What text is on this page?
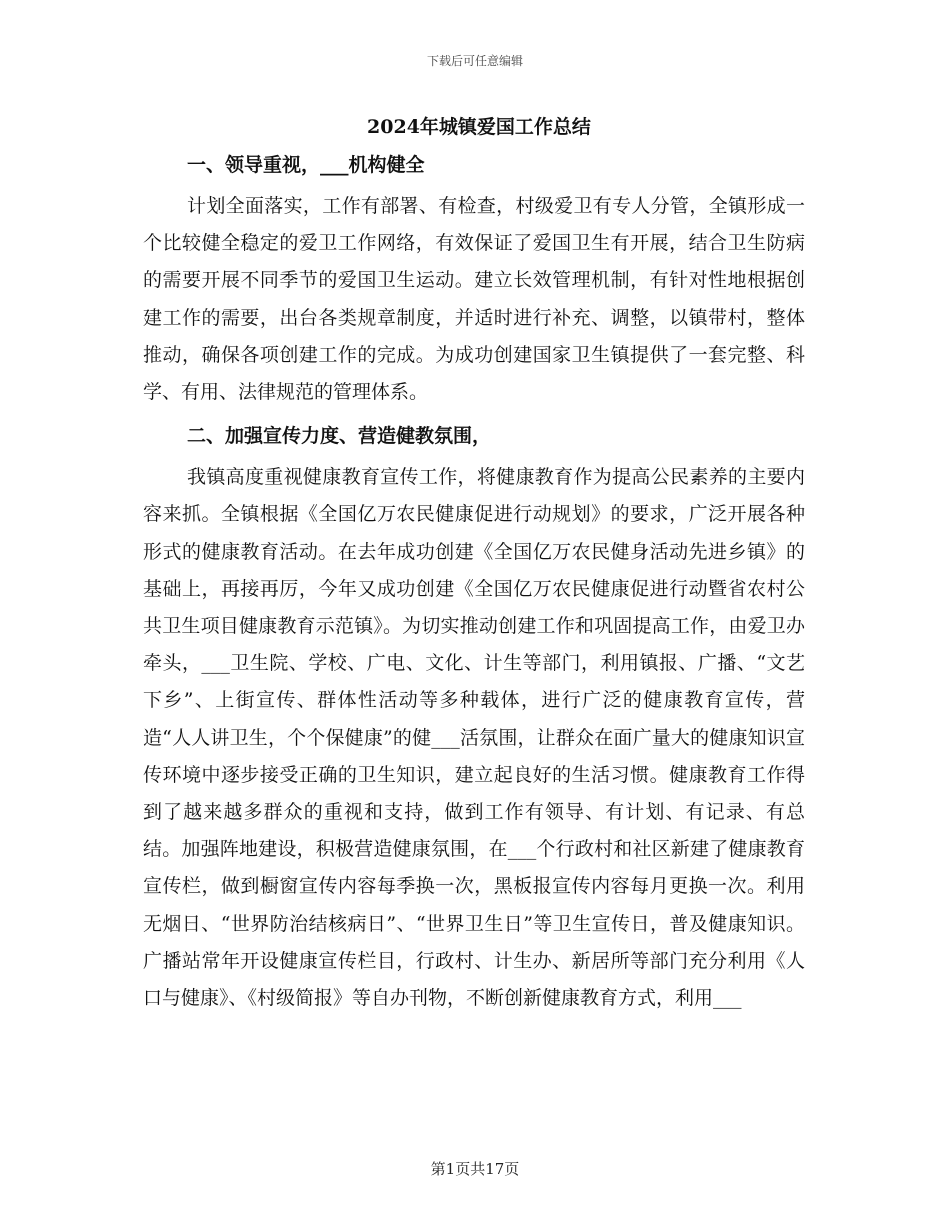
下载后可任意编辑
2024年城镇爱国工作总结
一、领导重视，___机构健全

计划全面落实，工作有部署、有检查，村级爱卫有专人分管，全镇形成一个比较健全稳定的爱卫工作网络，有效保证了爱国卫生有开展，结合卫生防病的需要开展不同季节的爱国卫生运动。建立长效管理机制，有针对性地根据创建工作的需要，出台各类规章制度，并适时进行补充、调整，以镇带村，整体推动，确保各项创建工作的完成。为成功创建国家卫生镇提供了一套完整、科学、有用、法律规范的管理体系。

二、加强宣传力度、营造健教氛围，

我镇高度重视健康教育宣传工作，将健康教育作为提高公民素养的主要内容来抓。全镇根据《全国亿万农民健康促进行动规划》的要求，广泛开展各种形式的健康教育活动。在去年成功创建《全国亿万农民健身活动先进乡镇》的基础上，再接再厉，今年又成功创建《全国亿万农民健康促进行动暨省农村公共卫生项目健康教育示范镇》。为切实推动创建工作和巩固提高工作，由爱卫办牵头，___卫生院、学校、广电、文化、计生等部门，利用镇报、广播、“文艺下乡”、上街宣传、群体性活动等多种载体，进行广泛的健康教育宣传，营造“人人讲卫生，个个保健康”的健___活氛围，让群众在面广量大的健康知识宣传环境中逐步接受正确的卫生知识，建立起良好的生活习惯。健康教育工作得到了越来越多群众的重视和支持，做到工作有领导、有计划、有记录、有总结。加强阵地建设，积极营造健康氛围，在___个行政村和社区新建了健康教育宣传栏，做到橱窗宣传内容每季换一次，黑板报宣传内容每月更换一次。利用无烟日、“世界防治结核病日”、“世界卫生日”等卫生宣传日，普及健康知识。广播站常年开设健康宣传栏目，行政村、计生办、新居所等部门充分利用《人口与健康》、《村级简报》等自办刊物，不断创新健康教育方式，利用___

第1页共17页
